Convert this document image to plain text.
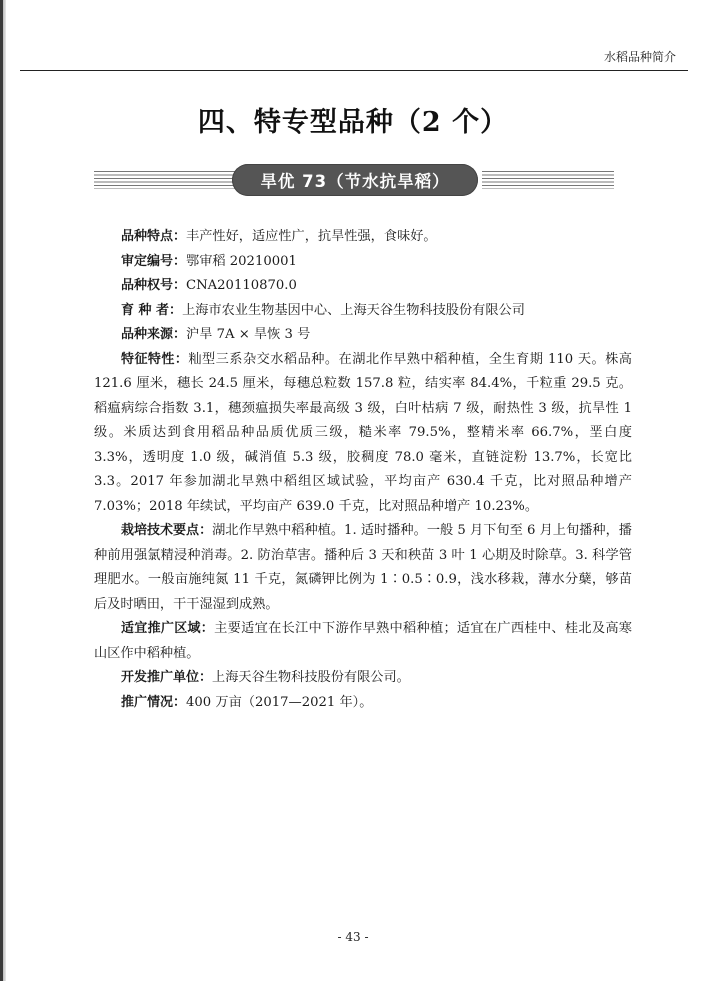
水稻品种简介
四、特专型品种（2 个）
旱优 73（节水抗旱稻）

品种特点：丰产性好，适应性广，抗旱性强，食味好。

审定编号：鄂审稻 20210001

品种权号：CNA20110870.0

育 种 者：上海市农业生物基因中心、上海天谷生物科技股份有限公司

品种来源：沪旱 7A × 旱恢 3 号

特征特性：籼型三系杂交水稻品种。在湖北作早熟中稻种植，全生育期 110 天。株高 121.6 厘米，穗长 24.5 厘米，每穗总粒数 157.8 粒，结实率 84.4%，千粒重 29.5 克。稻瘟病综合指数 3.1，穗颈瘟损失率最高级 3 级，白叶枯病 7 级，耐热性 3 级，抗旱性 1 级。米质达到食用稻品种品质优质三级，糙米率 79.5%，整精米率 66.7%，垩白度 3.3%，透明度 1.0 级，碱消值 5.3 级，胶稠度 78.0 毫米，直链淀粉 13.7%，长宽比 3.3。2017 年参加湖北早熟中稻组区域试验，平均亩产 630.4 千克，比对照品种增产 7.03%；2018 年续试，平均亩产 639.0 千克，比对照品种增产 10.23%。

栽培技术要点：湖北作早熟中稻种植。1. 适时播种。一般 5 月下旬至 6 月上旬播种，播种前用强氯精浸种消毒。2. 防治草害。播种后 3 天和秧苗 3 叶 1 心期及时除草。3. 科学管理肥水。一般亩施纯氮 11 千克，氮磷钾比例为 1∶0.5∶0.9，浅水移栽，薄水分蘖，够苗后及时晒田，干干湿湿到成熟。

适宜推广区域：主要适宜在长江中下游作早熟中稻种植；适宜在广西桂中、桂北及高寒山区作中稻种植。

开发推广单位：上海天谷生物科技股份有限公司。

推广情况：400 万亩（2017—2021 年）。

- 43 -
